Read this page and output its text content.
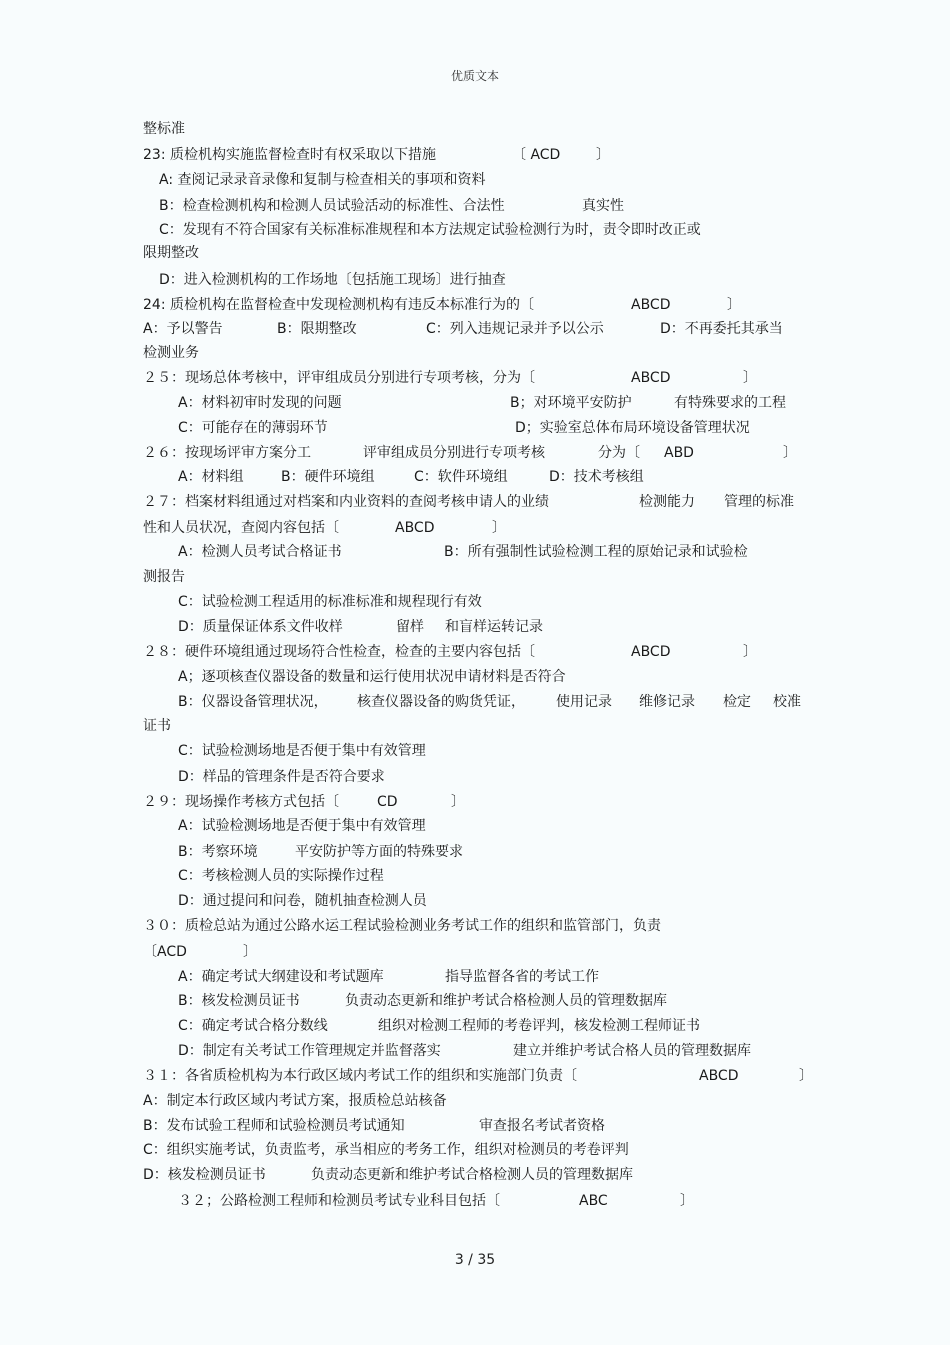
优质文本
整标准
23: 质检机构实施监督检查时有权采取以下措施	〔 ACD	〕
A: 查阅记录录音录像和复制与检查相关的事项和资料
B：检查检测机构和检测人员试验活动的标准性、合法性	真实性
C：发现有不符合国家有关标准标准规程和本方法规定试验检测行为时，责令即时改正或
限期整改
D：进入检测机构的工作场地〔包括施工现场〕进行抽查
24: 质检机构在监督检查中发现检测机构有违反本标准行为的〔	ABCD	〕
A：予以警告	B：限期整改	C：列入违规记录并予以公示	D：不再委托其承当
检测业务
２５：现场总体考核中，评审组成员分别进行专项考核，分为〔	ABCD	〕
A：材料初审时发现的问题	B；对环境平安防护	有特殊要求的工程
C：可能存在的薄弱环节	D；实验室总体布局环境设备管理状况
２６：按现场评审方案分工	评审组成员分别进行专项考核	分为〔 ABD	〕
A：材料组	B：硬件环境组	C：软件环境组	D：技术考核组
２７：档案材料组通过对档案和内业资料的查阅考核申请人的业绩	检测能力 管理的标准
性和人员状况，查阅内容包括〔	ABCD	〕
A：检测人员考试合格证书	B：所有强制性试验检测工程的原始记录和试验检
测报告
C：试验检测工程适用的标准标准和规程现行有效
D：质量保证体系文件收样	留样 和盲样运转记录
２８：硬件环境组通过现场符合性检查，检查的主要内容包括〔	ABCD	〕
A；逐项核查仪器设备的数量和运行使用状况申请材料是否符合
B：仪器设备管理状况， 核查仪器设备的购货凭证， 使用记录 维修记录 检定 校准
证书
C：试验检测场地是否便于集中有效管理
D：样品的管理条件是否符合要求
２９：现场操作考核方式包括〔	CD	〕
A：试验检测场地是否便于集中有效管理
B：考察环境	平安防护等方面的特殊要求
C：考核检测人员的实际操作过程
D：通过提问和问卷，随机抽查检测人员
３０：质检总站为通过公路水运工程试验检测业务考试工作的组织和监管部门，负责
〔ACD	〕
A：确定考试大纲建设和考试题库	指导监督各省的考试工作
B：核发检测员证书	负责动态更新和维护考试合格检测人员的管理数据库
C：确定考试合格分数线	组织对检测工程师的考卷评判，核发检测工程师证书
D：制定有关考试工作管理规定并监督落实	建立并维护考试合格人员的管理数据库
３１：各省质检机构为本行政区域内考试工作的组织和实施部门负责〔	ABCD	〕
A：制定本行政区域内考试方案，报质检总站核备
B：发布试验工程师和试验检测员考试通知	审查报名考试者资格
C：组织实施考试，负责监考，承当相应的考务工作，组织对检测员的考卷评判
D：核发检测员证书	负责动态更新和维护考试合格检测人员的管理数据库
３２；公路检测工程师和检测员考试专业科目包括〔	ABC	〕
3 / 35
